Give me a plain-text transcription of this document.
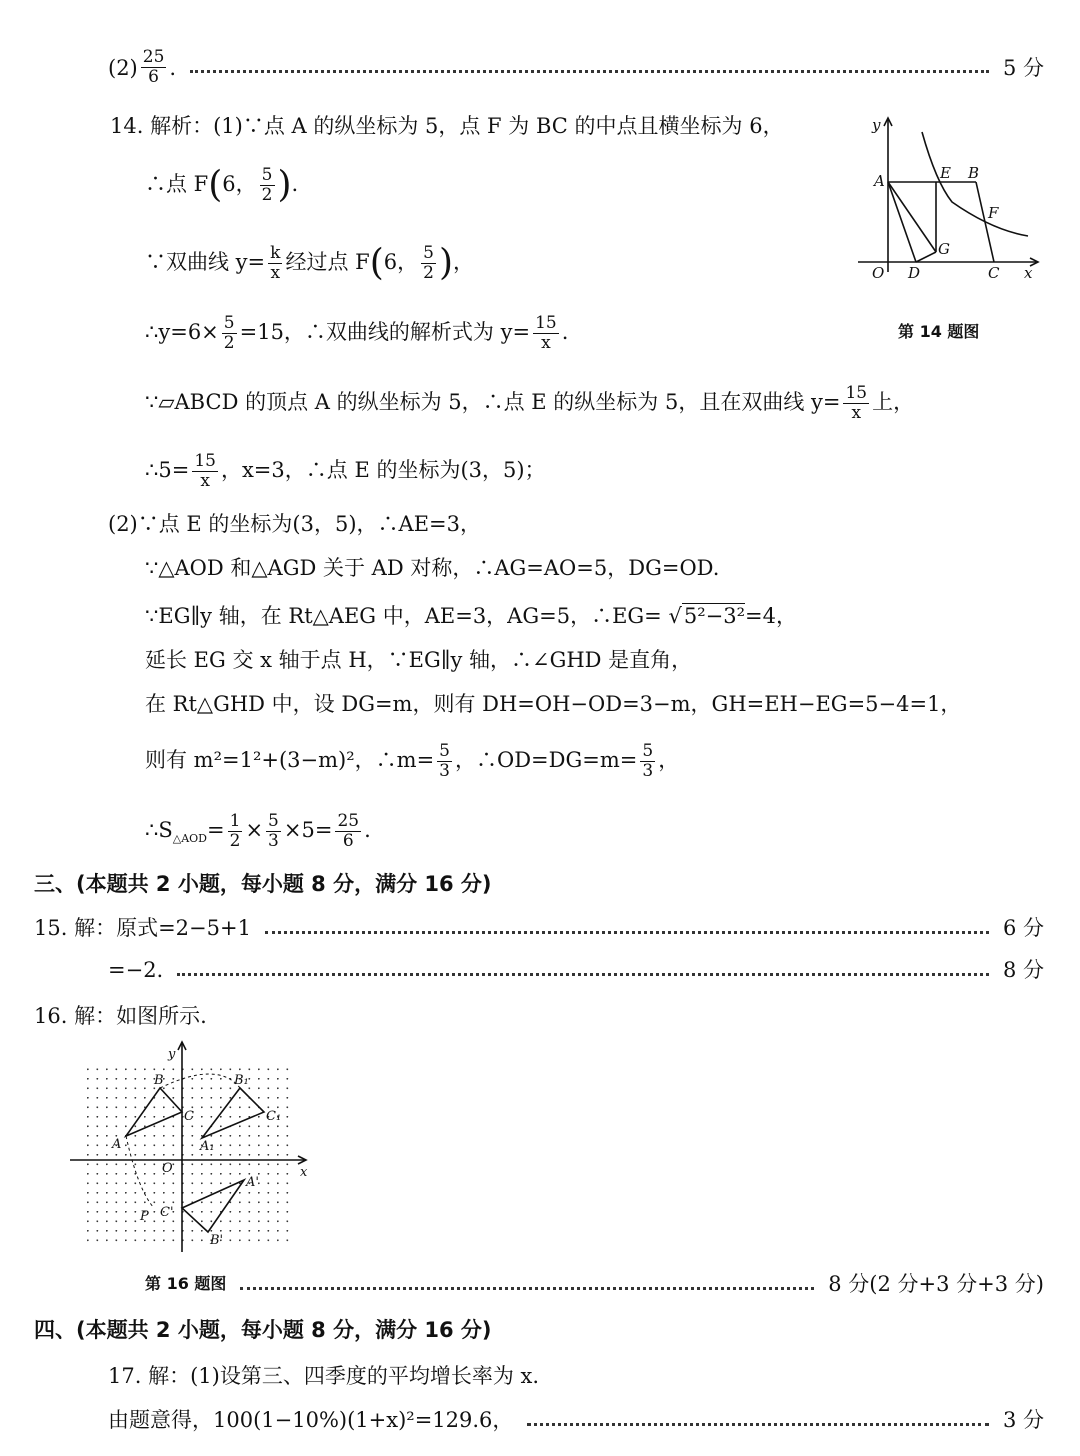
$(2) \frac{25}{6}$ .	5 分
14. 解析：(1)∵点 A 的纵坐标为 5，点 F 为 BC 的中点且横坐标为 6，
∴点 F(6， $\frac{5}{2}$ ).
∵双曲线 $y= \frac{k}{x}$ 经过点 F(6， $\frac{5}{2}$ )，
∴y=6× $\frac{5}{2} =15$，∴双曲线的解析式为 $y= \frac{15}{x}$ .
∵▱ABCD 的顶点 A 的纵坐标为 5，∴点 E 的纵坐标为 5，且在双曲线 $y= \frac{15}{x}$ 上，
∴5= $\frac{15}{x}$ ，x=3，∴点 E 的坐标为(3，5)；
(2)∵点 E 的坐标为(3，5)，∴AE=3，
∵△AOD 和△AGD 关于 AD 对称，∴AG=AO=5，DG=OD.
∵EG∥y 轴，在 Rt△AEG 中，AE=3，AG=5，∴EG= √5²−3²=4，
延长 EG 交 x 轴于点 H，∵EG∥y 轴，∴∠GHD 是直角，
在 Rt△GHD 中，设 DG=m，则有 DH=OH−OD=3−m，GH=EH−EG=5−4=1，
则有 m²=1²+(3−m)²，∴m= $\frac{5}{3}$ ，∴OD=DG=m= $\frac{5}{3}$ ，
$\therefore S_{\triangle AOD}= \frac{1}{2} \times \frac{5}{3} \times 5= \frac{25}{6}$ .
y
x
O
A	E B
F
G
D	C
第 14 题图
三、(本题共 2 小题，每小题 8 分，满分 16 分)
15. 解：原式=2−5+1	6 分
=−2.	8 分
16. 解：如图所示.
y
x
O
A
B
C
A₁
B₁
C₁
A'
B'
C'
P
第 16 题图	8 分(2 分+3 分+3 分)
四、(本题共 2 小题，每小题 8 分，满分 16 分)
17. 解：(1)设第三、四季度的平均增长率为 x.
由题意得，100(1−10%)(1+x)²=129.6，	3 分
